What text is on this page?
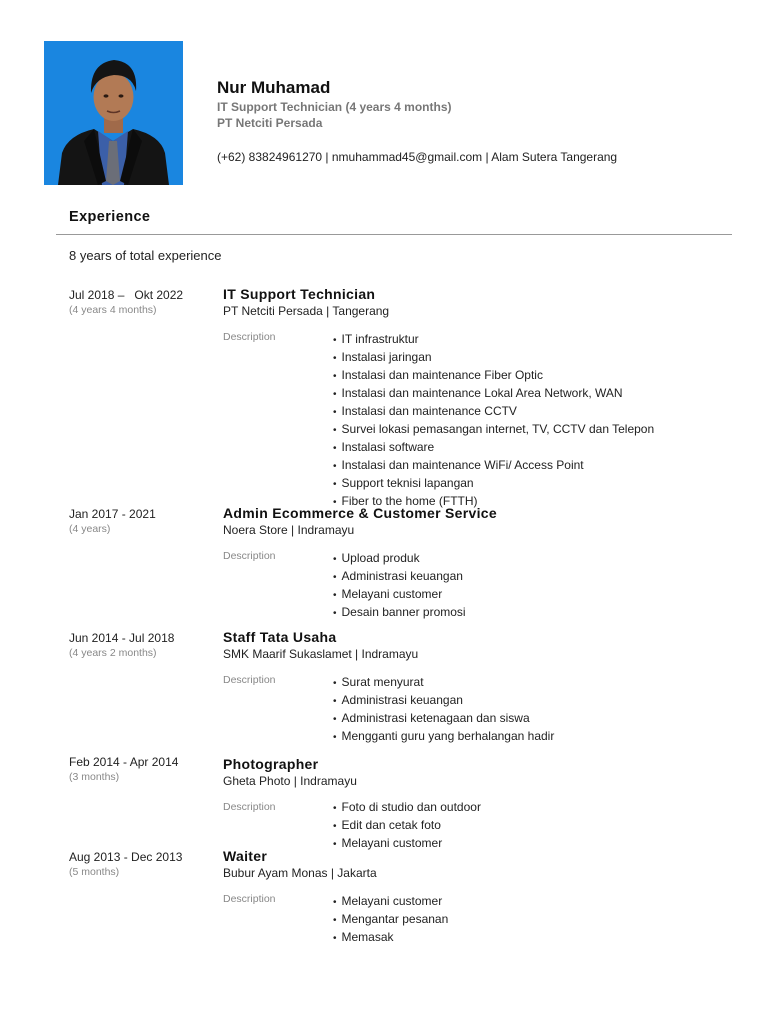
Nur Muhamad
IT Support Technician (4 years 4 months)
PT Netciti Persada
(+62) 83824961270 | nmuhammad45@gmail.com | Alam Sutera Tangerang
Experience
8 years of total experience
Jul 2018 –   Okt 2022
(4 years 4 months)
IT Support Technician
PT Netciti Persada | Tangerang
Description	• IT infrastruktur
• Instalasi jaringan
• Instalasi dan maintenance Fiber Optic
• Instalasi dan maintenance Lokal Area Network, WAN
• Instalasi dan maintenance CCTV
• Survei lokasi pemasangan internet, TV, CCTV dan Telepon
• Instalasi software
• Instalasi dan maintenance WiFi/ Access Point
• Support teknisi lapangan
• Fiber to the home (FTTH)
Jan 2017 - 2021
(4 years)
Admin Ecommerce & Customer Service
Noera Store | Indramayu
Description	• Upload produk
• Administrasi keuangan
• Melayani customer
• Desain banner promosi
Jun 2014 - Jul 2018
(4 years 2 months)
Staff Tata Usaha
SMK Maarif Sukaslamet | Indramayu
Description	• Surat menyurat
• Administrasi keuangan
• Administrasi ketenagaan dan siswa
• Mengganti guru yang berhalangan hadir
Feb 2014 - Apr 2014
(3 months)
Photographer
Gheta Photo | Indramayu
Description	• Foto di studio dan outdoor
• Edit dan cetak foto
• Melayani customer
Aug 2013 - Dec 2013
(5 months)
Waiter
Bubur Ayam Monas | Jakarta
Description	• Melayani customer
• Mengantar pesanan
• Memasak
